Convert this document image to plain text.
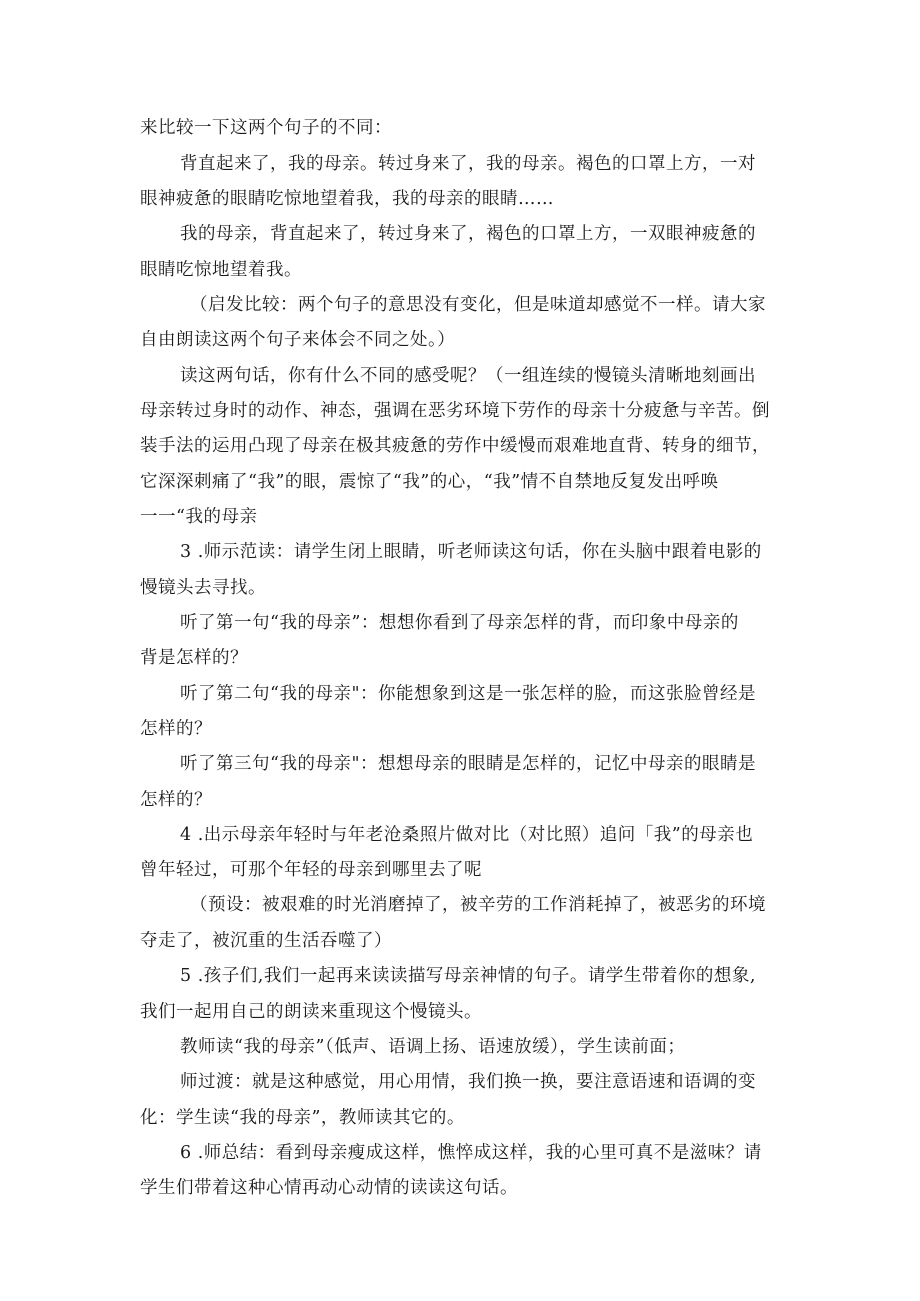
来比较一下这两个句子的不同：
背直起来了，我的母亲。转过身来了，我的母亲。褐色的口罩上方，一对
眼神疲惫的眼睛吃惊地望着我，我的母亲的眼睛……
我的母亲，背直起来了，转过身来了，褐色的口罩上方，一双眼神疲惫的
眼睛吃惊地望着我。
（启发比较：两个句子的意思没有变化，但是味道却感觉不一样。请大家
自由朗读这两个句子来体会不同之处。）
读这两句话，你有什么不同的感受呢？（一组连续的慢镜头清晰地刻画出
母亲转过身时的动作、神态，强调在恶劣环境下劳作的母亲十分疲惫与辛苦。倒
装手法的运用凸现了母亲在极其疲惫的劳作中缓慢而艰难地直背、转身的细节，
它深深刺痛了“我”的眼，震惊了“我”的心，“我”情不自禁地反复发出呼唤
一一“我的母亲
3 .师示范读：请学生闭上眼睛，听老师读这句话，你在头脑中跟着电影的
慢镜头去寻找。
听了第一句“我的母亲”：想想你看到了母亲怎样的背，而印象中母亲的
背是怎样的？
听了第二句“我的母亲"：你能想象到这是一张怎样的脸，而这张脸曾经是
怎样的？
听了第三句“我的母亲"：想想母亲的眼睛是怎样的，记忆中母亲的眼睛是
怎样的？
4 .出示母亲年轻时与年老沧桑照片做对比（对比照）追问「我”的母亲也
曾年轻过，可那个年轻的母亲到哪里去了呢
（预设：被艰难的时光消磨掉了，被辛劳的工作消耗掉了，被恶劣的环境
夺走了，被沉重的生活吞噬了）
5 .孩子们,我们一起再来读读描写母亲神情的句子。请学生带着你的想象,
我们一起用自己的朗读来重现这个慢镜头。
教师读“我的母亲”（低声、语调上扬、语速放缓），学生读前面；
师过渡：就是这种感觉，用心用情，我们换一换，要注意语速和语调的变
化：学生读“我的母亲”，教师读其它的。
6 .师总结：看到母亲瘦成这样，憔悴成这样，我的心里可真不是滋味？请
学生们带着这种心情再动心动情的读读这句话。
